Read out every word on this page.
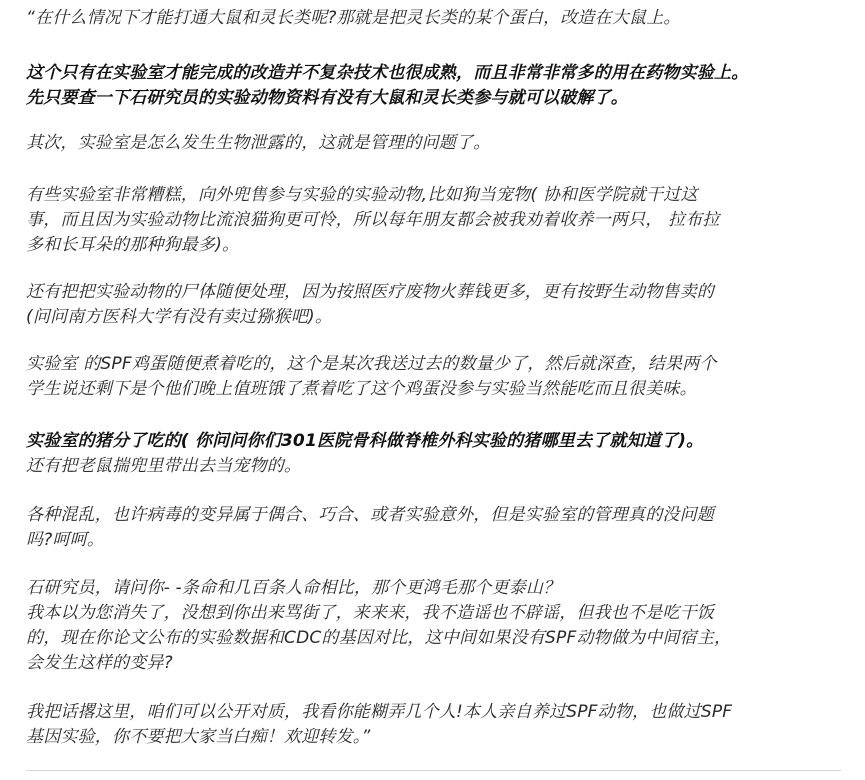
“在什么情况下才能打通大鼠和灵长类呢?那就是把灵长类的某个蛋白，改造在大鼠上。

这个只有在实验室才能完成的改造并不复杂技术也很成熟，而且非常非常多的用在药物实验上。
先只要查一下石研究员的实验动物资料有没有大鼠和灵长类参与就可以破解了。

其次，实验室是怎么发生生物泄露的，这就是管理的问题了。

有些实验室非常糟糕，向外兜售参与实验的实验动物,比如狗当宠物( 协和医学院就干过这
事，而且因为实验动物比流浪猫狗更可怜，所以每年朋友都会被我劝着收养一两只， 拉布拉
多和长耳朵的那种狗最多)。

还有把把实验动物的尸体随便处理，因为按照医疗废物火葬钱更多，更有按野生动物售卖的
(问问南方医科大学有没有卖过猕猴吧)。

实验室 的SPF鸡蛋随便煮着吃的，这个是某次我送过去的数量少了，然后就深查，结果两个
学生说还剩下是个他们晚上值班饿了煮着吃了这个鸡蛋没参与实验当然能吃而且很美味。

实验室的猪分了吃的( 你问问你们301医院骨科做脊椎外科实验的猪哪里去了就知道了)。
还有把老鼠揣兜里带出去当宠物的。

各种混乱，也许病毒的变异属于偶合、巧合、或者实验意外，但是实验室的管理真的没问题
吗?呵呵。

石研究员，请问你- -条命和几百条人命相比，那个更鸿毛那个更泰山？
我本以为您消失了，没想到你出来骂街了，来来来，我不造谣也不辟谣，但我也不是吃干饭
的，现在你论文公布的实验数据和CDC的基因对比，这中间如果没有SPF动物做为中间宿主，
会发生这样的变异?

我把话撂这里，咱们可以公开对质，我看你能糊弄几个人!本人亲自养过SPF动物，也做过SPF
基因实验，你不要把大家当白痴！欢迎转发。”
